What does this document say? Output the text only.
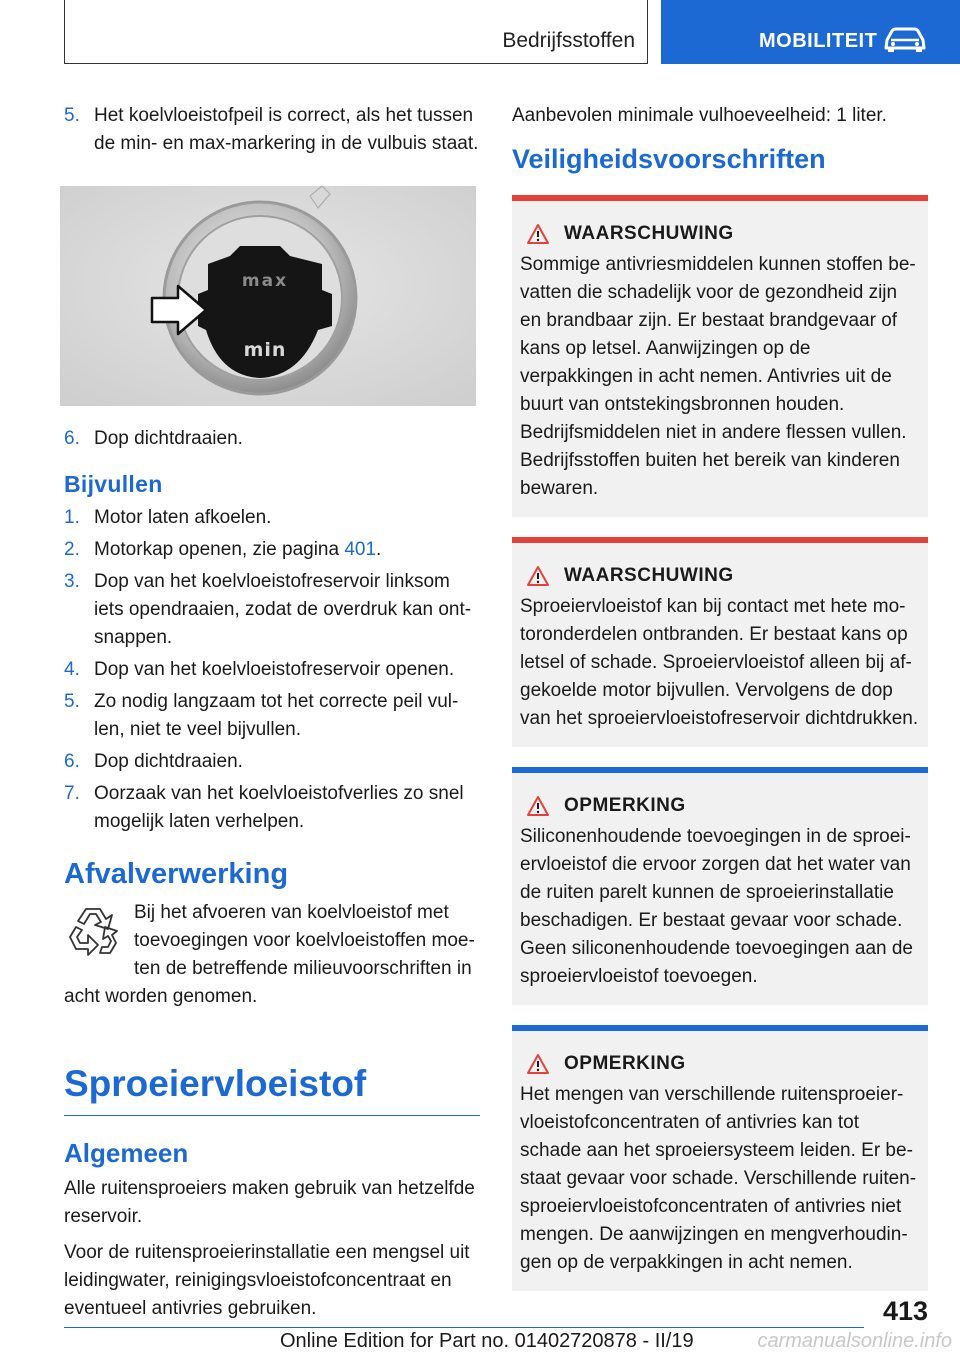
Bedrijfsstoffen	MOBILITEIT
5. Het koelvloeistofpeil is correct, als het tussen de min- en max-markering in de vulbuis staat.
max
min
6. Dop dichtdraaien.
Bijvullen
1. Motor laten afkoelen.
2. Motorkap openen, zie pagina 401.
3. Dop van het koelvloeistofreservoir linksom iets opendraaien, zodat de overdruk kan ontsnappen.
4. Dop van het koelvloeistofreservoir openen.
5. Zo nodig langzaam tot het correcte peil vullen, niet te veel bijvullen.
6. Dop dichtdraaien.
7. Oorzaak van het koelvloeistofverlies zo snel mogelijk laten verhelpen.
Afvalverwerking

Bij het afvoeren van koelvloeistof met toevoegingen voor koelvloeistoffen moeten de betreffende milieuvoorschriften in acht worden genomen.

Sproeiervloeistof
Algemeen

Alle ruitensproeiers maken gebruik van hetzelfde reservoir.

Voor de ruitensproeierinstallatie een mengsel uit leidingwater, reinigingsvloeistofconcentraat en eventueel antivries gebruiken.

Aanbevolen minimale vulhoeveelheid: 1 liter.

Veiligheidsvoorschriften
WAARSCHUWING
Sommige antivriesmiddelen kunnen stoffen bevatten die schadelijk voor de gezondheid zijn en brandbaar zijn. Er bestaat brandgevaar of kans op letsel. Aanwijzingen op de verpakkingen in acht nemen. Antivries uit de buurt van ontstekingsbronnen houden. Bedrijfsmiddelen niet in andere flessen vullen. Bedrijfsstoffen buiten het bereik van kinderen bewaren.
WAARSCHUWING
Sproeiervloeistof kan bij contact met hete motoronderdelen ontbranden. Er bestaat kans op letsel of schade. Sproeiervloeistof alleen bij afgekoelde motor bijvullen. Vervolgens de dop van het sproeiervloeistofreservoir dichtdrukken.
OPMERKING
Siliconenhoudende toevoegingen in de sproeiervloeistof die ervoor zorgen dat het water van de ruiten parelt kunnen de sproeierinstallatie beschadigen. Er bestaat gevaar voor schade. Geen siliconenhoudende toevoegingen aan de sproeiervloeistof toevoegen.
OPMERKING
Het mengen van verschillende ruitensproeiervloeistofconcentraten of antivries kan tot schade aan het sproeiersysteem leiden. Er bestaat gevaar voor schade. Verschillende ruitensproeiervloeistofconcentraten of antivries niet mengen. De aanwijzingen en mengverhoudingen op de verpakkingen in acht nemen.
413
Online Edition for Part no. 01402720878 - II/19	carmanualsonline.info
